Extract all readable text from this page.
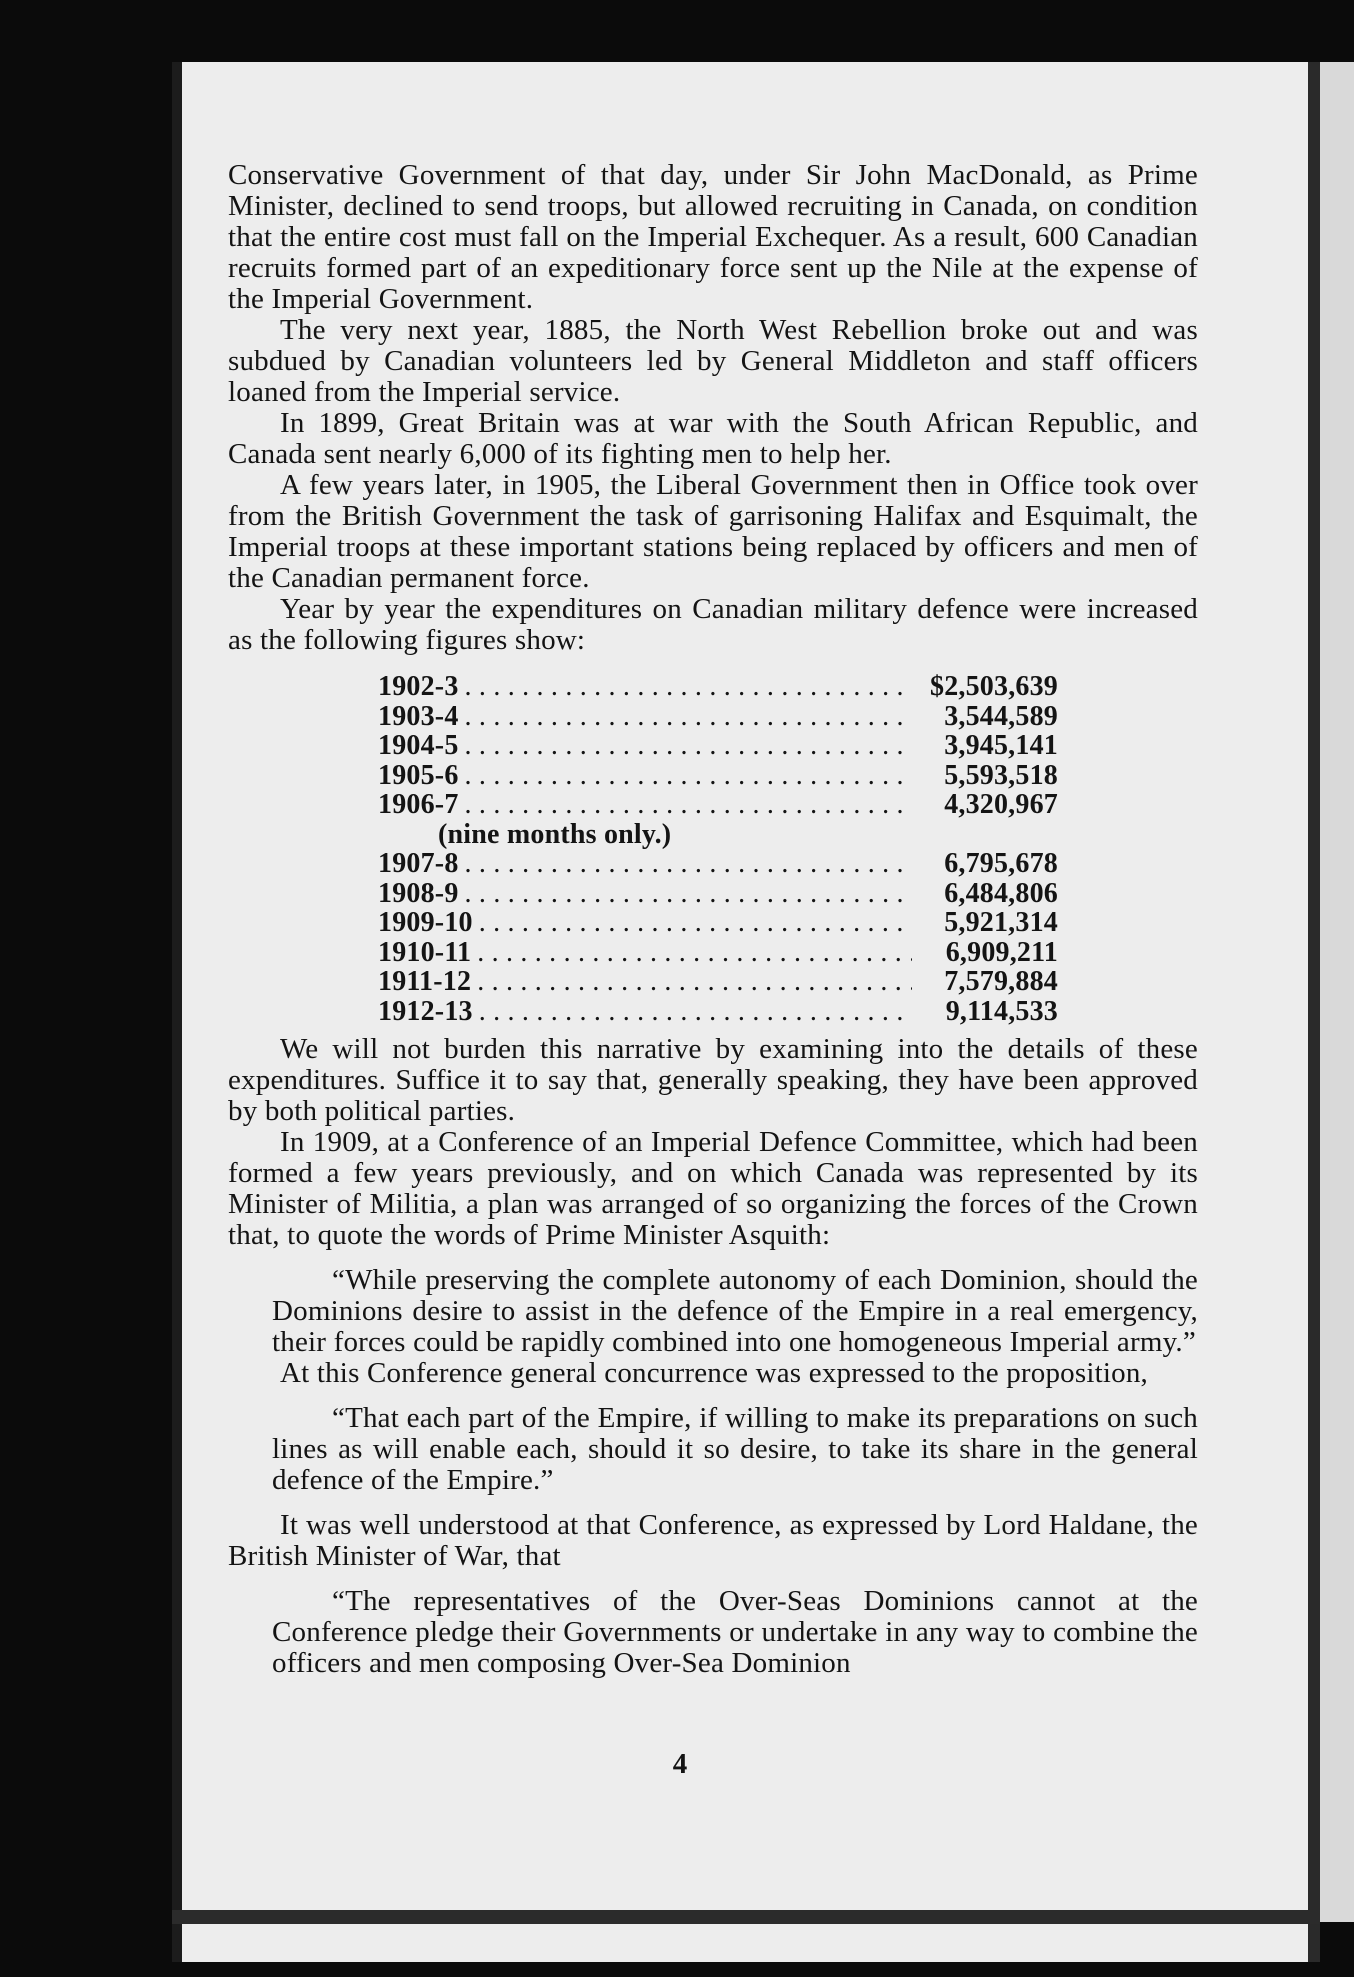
Conservative Government of that day, under Sir John MacDonald, as Prime Minister, declined to send troops, but allowed recruiting in Canada, on condition that the entire cost must fall on the Imperial Exchequer. As a result, 600 Canadian recruits formed part of an expeditionary force sent up the Nile at the expense of the Imperial Government.

The very next year, 1885, the North West Rebellion broke out and was subdued by Canadian volunteers led by General Middleton and staff officers loaned from the Imperial service.

In 1899, Great Britain was at war with the South African Republic, and Canada sent nearly 6,000 of its fighting men to help her.

A few years later, in 1905, the Liberal Government then in Office took over from the British Government the task of garrisoning Halifax and Esquimalt, the Imperial troops at these important stations being replaced by officers and men of the Canadian permanent force.

Year by year the expenditures on Canadian military defence were increased as the following figures show:

1902-3 . . .	$2,503,639
1903-4 . . .	3,544,589
1904-5 . . .	3,945,141
1905-6 . . .	5,593,518
1906-7 . . .	4,320,967
(nine months only.)
1907-8 . . .	6,795,678
1908-9 . . .	6,484,806
1909-10 . . .	5,921,314
1910-11 . . .	6,909,211
1911-12 . . .	7,579,884
1912-13 . . .	9,114,533

We will not burden this narrative by examining into the details of these expenditures. Suffice it to say that, generally speaking, they have been approved by both political parties.

In 1909, at a Conference of an Imperial Defence Committee, which had been formed a few years previously, and on which Canada was represented by its Minister of Militia, a plan was arranged of so organizing the forces of the Crown that, to quote the words of Prime Minister Asquith:

“While preserving the complete autonomy of each Dominion, should the Dominions desire to assist in the defence of the Empire in a real emergency, their forces could be rapidly combined into one homogeneous Imperial army.”

At this Conference general concurrence was expressed to the proposition,

“That each part of the Empire, if willing to make its preparations on such lines as will enable each, should it so desire, to take its share in the general defence of the Empire.”

It was well understood at that Conference, as expressed by Lord Haldane, the British Minister of War, that

“The representatives of the Over-Seas Dominions cannot at the Conference pledge their Governments or undertake in any way to combine the officers and men composing Over-Sea Dominion

4
